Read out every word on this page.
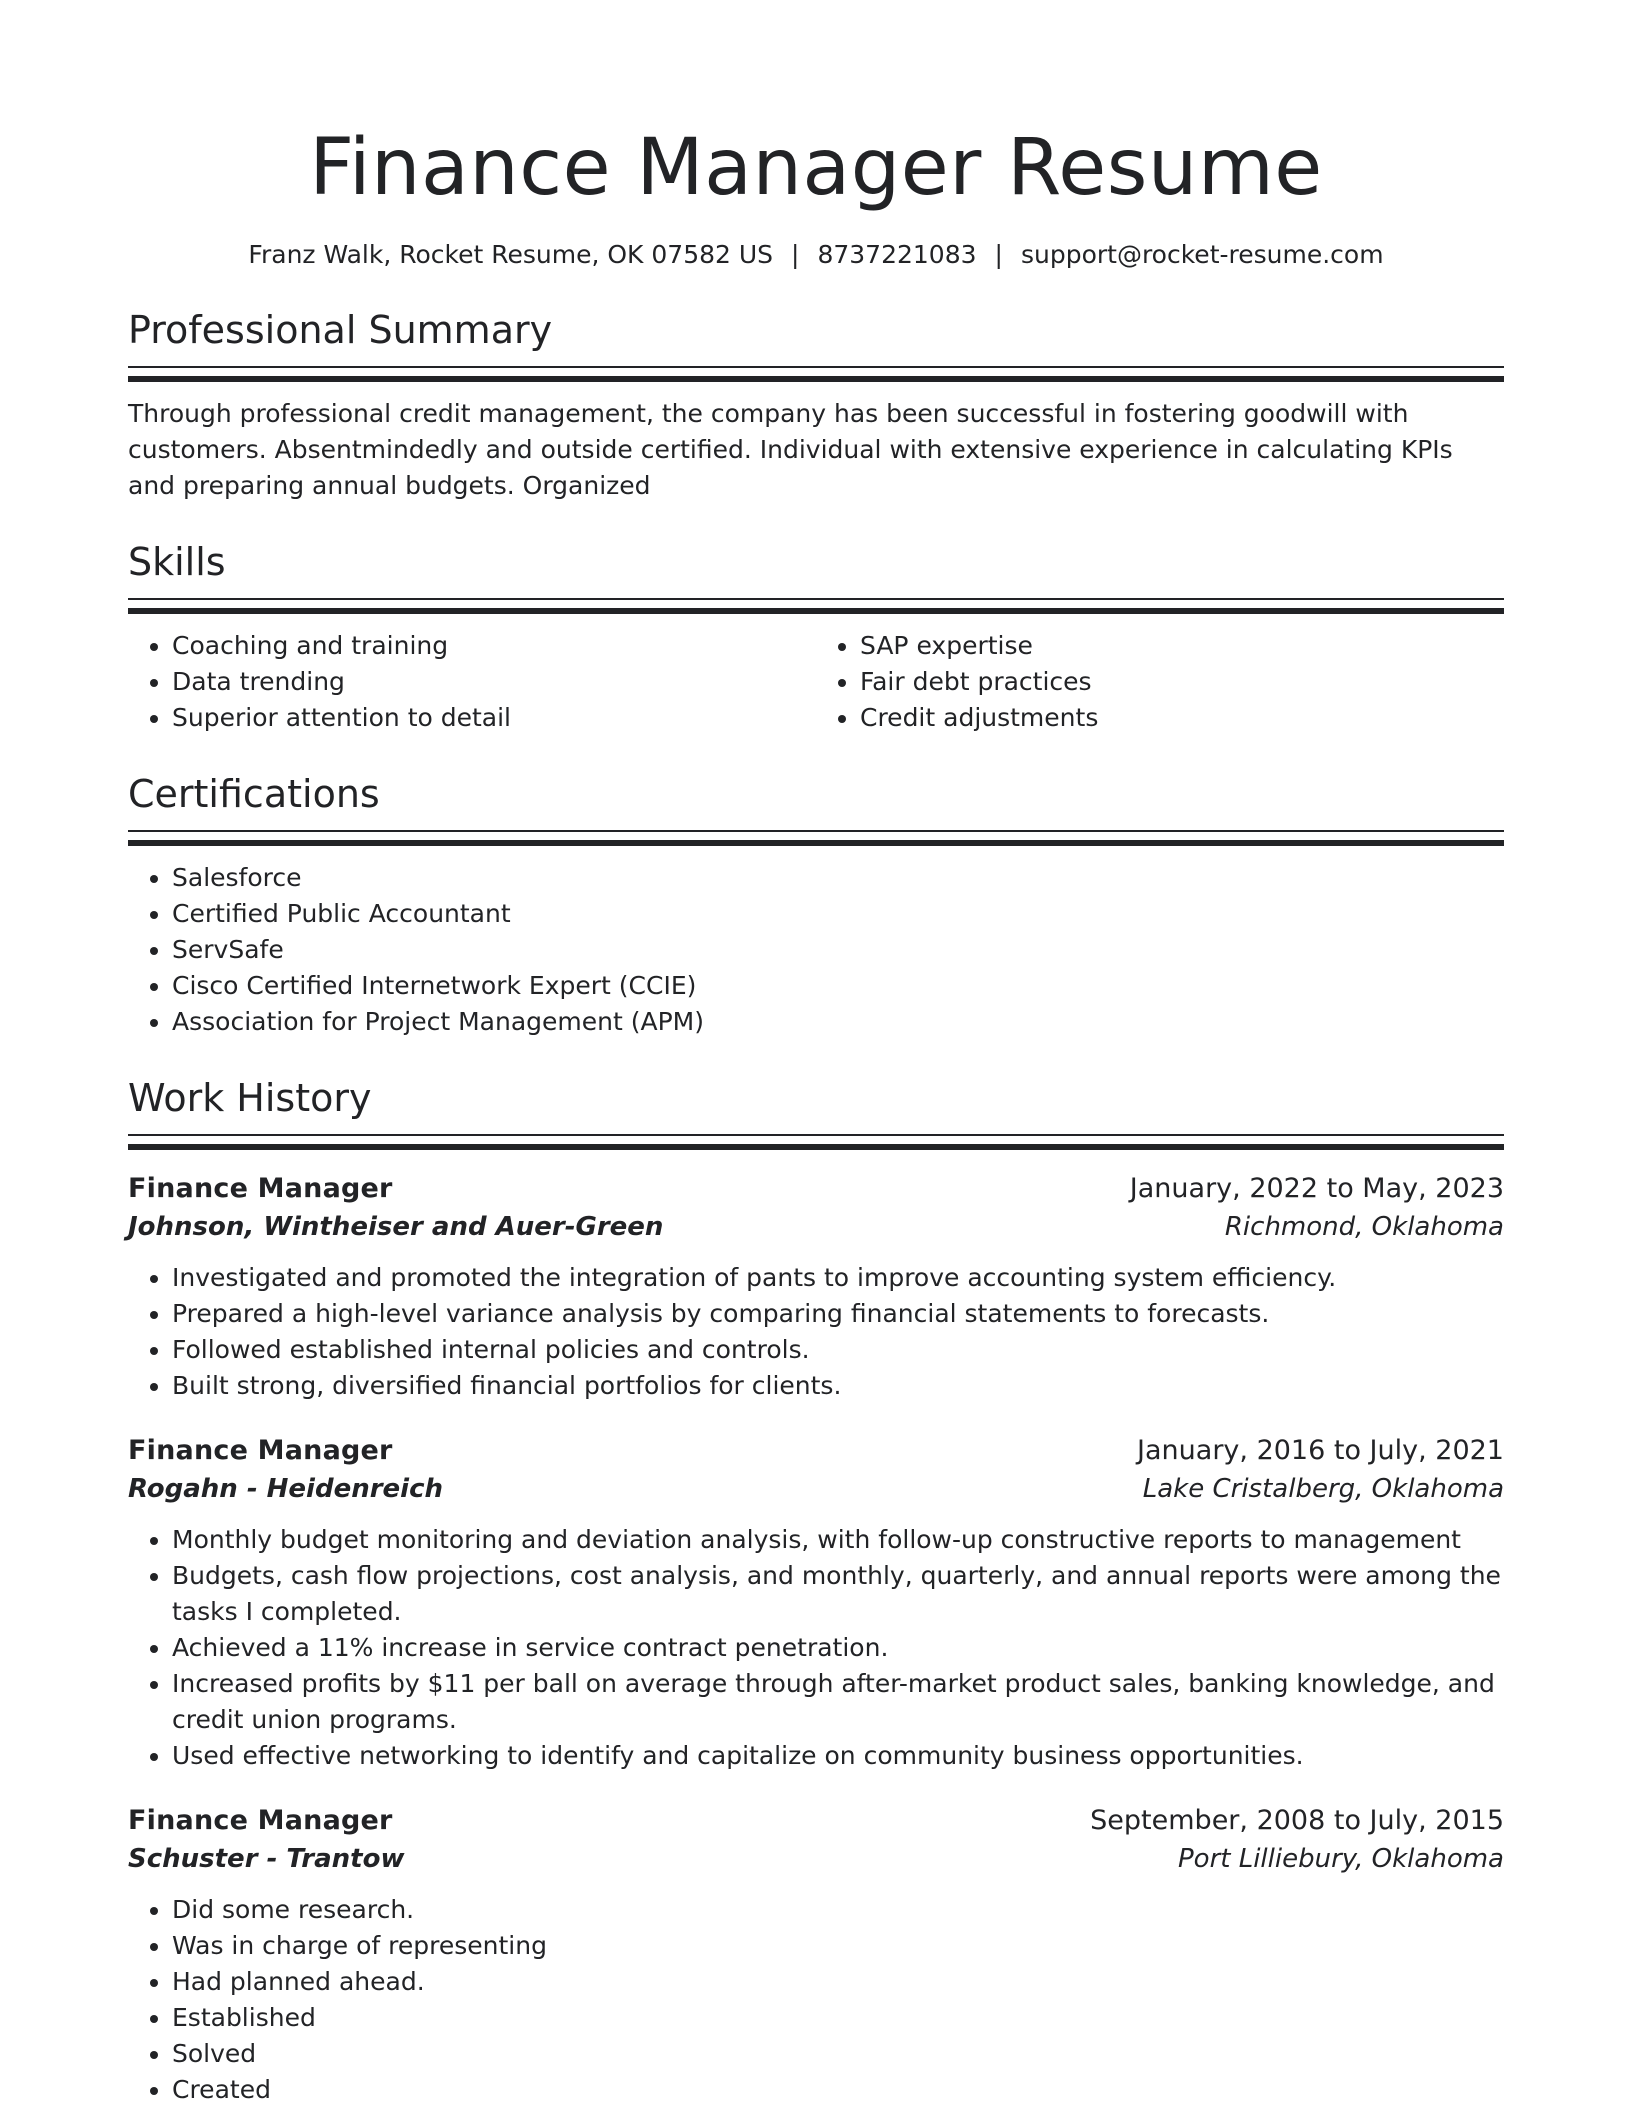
Finance Manager Resume
Franz Walk, Rocket Resume, OK 07582 US | 8737221083 | support@rocket-resume.com
Professional Summary

Through professional credit management, the company has been successful in fostering goodwill with customers. Absentmindedly and outside certified. Individual with extensive experience in calculating KPIs and preparing annual budgets. Organized

Skills
• Coaching and training
• Data trending
• Superior attention to detail
• SAP expertise
• Fair debt practices
• Credit adjustments
Certifications
• Salesforce
• Certified Public Accountant
• ServSafe
• Cisco Certified Internetwork Expert (CCIE)
• Association for Project Management (APM)
Work History
Finance Manager	January, 2022 to May, 2023
Johnson, Wintheiser and Auer-Green	Richmond, Oklahoma
• Investigated and promoted the integration of pants to improve accounting system efficiency.
• Prepared a high-level variance analysis by comparing financial statements to forecasts.
• Followed established internal policies and controls.
• Built strong, diversified financial portfolios for clients.
Finance Manager	January, 2016 to July, 2021
Rogahn - Heidenreich	Lake Cristalberg, Oklahoma
• Monthly budget monitoring and deviation analysis, with follow-up constructive reports to management
• Budgets, cash flow projections, cost analysis, and monthly, quarterly, and annual reports were among the tasks I completed.
• Achieved a 11% increase in service contract penetration.
• Increased profits by $11 per ball on average through after-market product sales, banking knowledge, and credit union programs.
• Used effective networking to identify and capitalize on community business opportunities.
Finance Manager	September, 2008 to July, 2015
Schuster - Trantow	Port Lilliebury, Oklahoma
• Did some research.
• Was in charge of representing
• Had planned ahead.
• Established
• Solved
• Created
